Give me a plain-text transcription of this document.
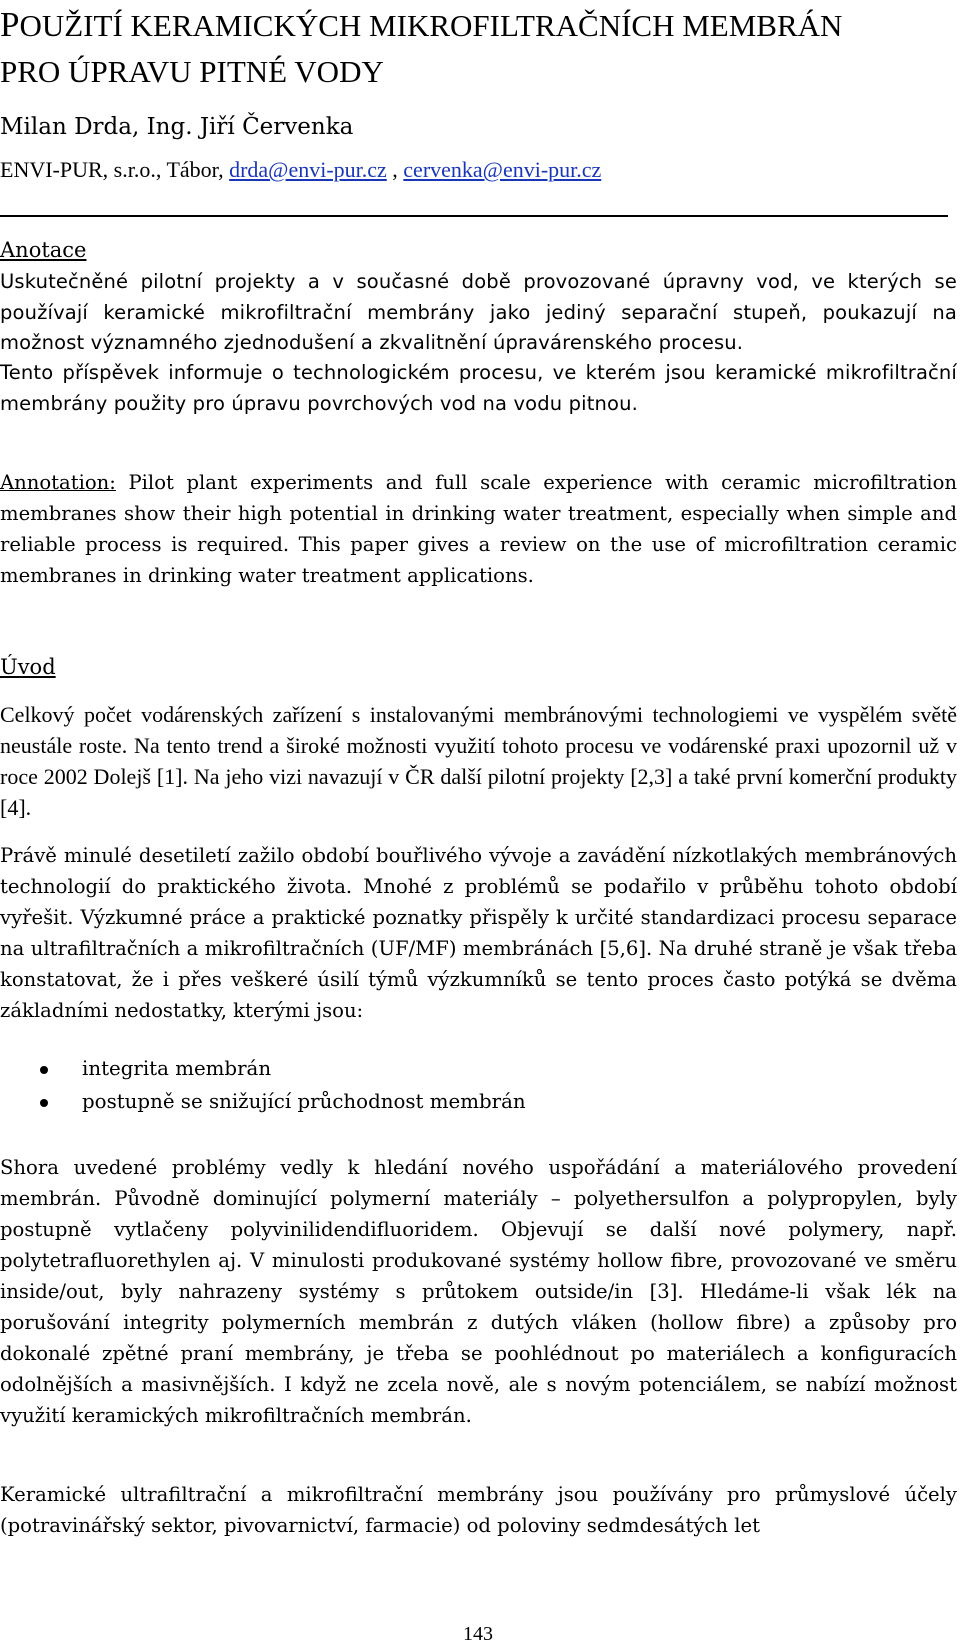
POUŽITÍ KERAMICKÝCH MIKROFILTRAČNÍCH MEMBRÁN
PRO ÚPRAVU PITNÉ VODY
Milan Drda, Ing. Jiří Červenka
ENVI-PUR, s.r.o., Tábor, drda@envi-pur.cz , cervenka@envi-pur.cz
Anotace

Uskutečněné pilotní projekty a v současné době provozované úpravny vod, ve kterých se používají keramické mikrofiltrační membrány jako jediný separační stupeň, poukazují na možnost významného zjednodušení a zkvalitnění úpravárenského procesu.

Tento příspěvek informuje o technologickém procesu, ve kterém jsou keramické mikrofiltrační membrány použity pro úpravu povrchových vod na vodu pitnou.

Annotation: Pilot plant experiments and full scale experience with ceramic microfiltration membranes show their high potential in drinking water treatment, especially when simple and reliable process is required. This paper gives a review on the use of microfiltration ceramic membranes in drinking water treatment applications.

Úvod

Celkový počet vodárenských zařízení s instalovanými membránovými technologiemi ve vyspělém světě neustále roste. Na tento trend a široké možnosti využití tohoto procesu ve vodárenské praxi upozornil už v roce 2002 Dolejš [1]. Na jeho vizi navazují v ČR další pilotní projekty [2,3] a také první komerční produkty [4].

Právě minulé desetiletí zažilo období bouřlivého vývoje a zavádění nízkotlakých membránových technologií do praktického života. Mnohé z problémů se podařilo v průběhu tohoto období vyřešit. Výzkumné práce a praktické poznatky přispěly k určité standardizaci procesu separace na ultrafiltračních a mikrofiltračních (UF/MF) membránách [5,6]. Na druhé straně je však třeba konstatovat, že i přes veškeré úsilí týmů výzkumníků se tento proces často potýká se dvěma základními nedostatky, kterými jsou:

integrita membrán
postupně se snižující průchodnost membrán

Shora uvedené problémy vedly k hledání nového uspořádání a materiálového provedení membrán. Původně dominující polymerní materiály – polyethersulfon a polypropylen, byly postupně vytlačeny polyvinilidendifluoridem. Objevují se další nové polymery, např. polytetrafluorethylen aj. V minulosti produkované systémy hollow fibre, provozované ve směru inside/out, byly nahrazeny systémy s průtokem outside/in [3]. Hledáme-li však lék na porušování integrity polymerních membrán z dutých vláken (hollow fibre) a způsoby pro dokonalé zpětné praní membrány, je třeba se poohlédnout po materiálech a konfiguracích odolnějších a masivnějších. I když ne zcela nově, ale s novým potenciálem, se nabízí možnost využití keramických mikrofiltračních membrán.

Keramické ultrafiltrační a mikrofiltrační membrány jsou používány pro průmyslové účely (potravinářský sektor, pivovarnictví, farmacie) od poloviny sedmdesátých let

143
